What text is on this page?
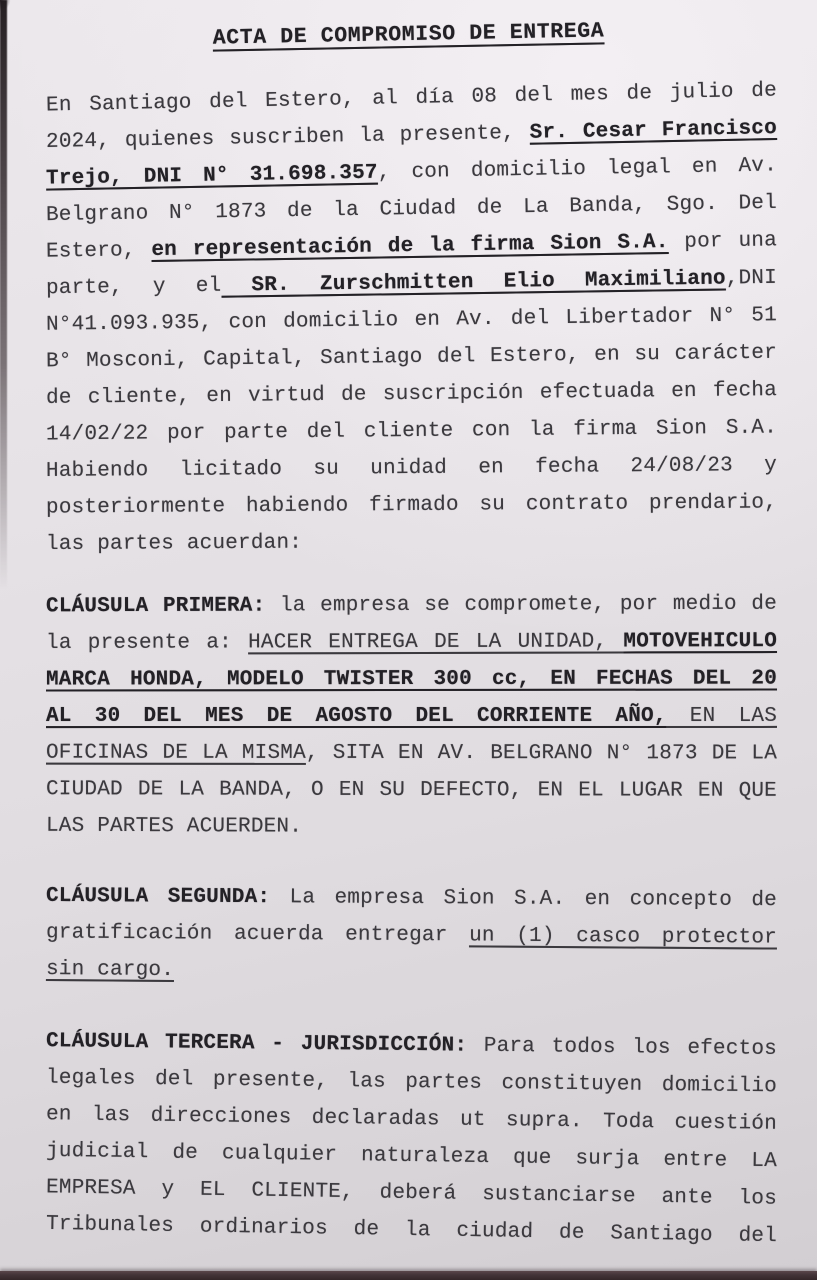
ACTA DE COMPROMISO DE ENTREGA
En Santiago del Estero, al día 08 del mes de julio de
2024, quienes suscriben la presente, Sr. Cesar Francisco
Trejo, DNI N° 31.698.357, con domicilio legal en Av.
Belgrano N° 1873 de la Ciudad de La Banda, Sgo. Del
Estero, en representación de la firma Sion S.A. por una
parte, y el SR. Zurschmitten Elio Maximiliano,DNI
N°41.093.935, con domicilio en Av. del Libertador N° 51
B° Mosconi, Capital, Santiago del Estero, en su carácter
de cliente, en virtud de suscripción efectuada en fecha
14/02/22 por parte del cliente con la firma Sion S.A.
Habiendo licitado su unidad en fecha 24/08/23 y
posteriormente habiendo firmado su contrato prendario,
las partes acuerdan:
CLÁUSULA PRIMERA: la empresa se compromete, por medio de
la presente a: HACER ENTREGA DE LA UNIDAD, MOTOVEHICULO
MARCA HONDA, MODELO TWISTER 300 cc, EN FECHAS DEL 20
AL 30 DEL MES DE AGOSTO DEL CORRIENTE AÑO, EN LAS
OFICINAS DE LA MISMA, SITA EN AV. BELGRANO N° 1873 DE LA
CIUDAD DE LA BANDA, O EN SU DEFECTO, EN EL LUGAR EN QUE
LAS PARTES ACUERDEN.
CLÁUSULA SEGUNDA: La empresa Sion S.A. en concepto de
gratificación acuerda entregar un (1) casco protector
sin cargo.
CLÁUSULA TERCERA - JURISDICCIÓN: Para todos los efectos
legales del presente, las partes constituyen domicilio
en las direcciones declaradas ut supra. Toda cuestión
judicial de cualquier naturaleza que surja entre LA
EMPRESA y EL CLIENTE, deberá sustanciarse ante los
Tribunales ordinarios de la ciudad de Santiago del
